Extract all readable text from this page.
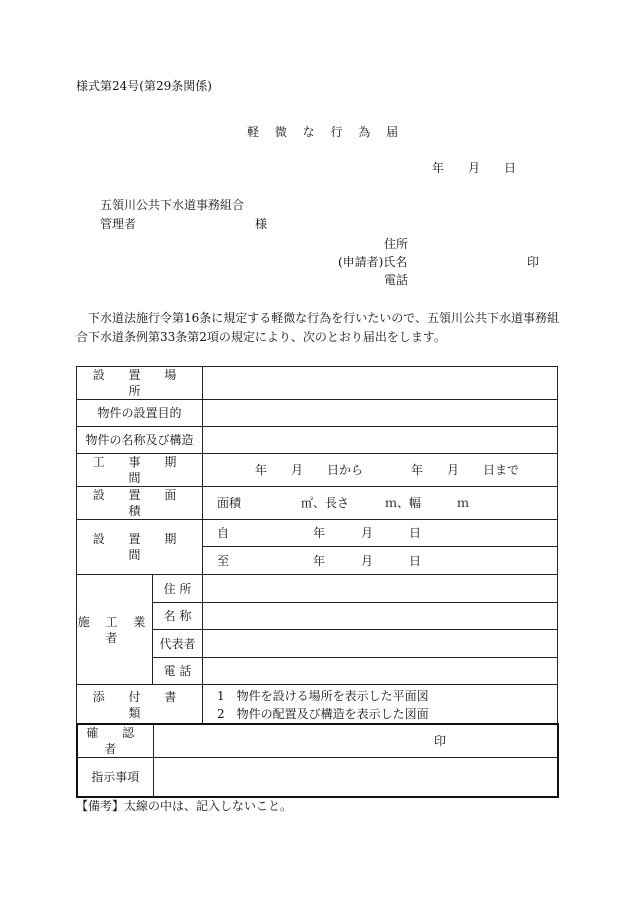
様式第24号(第29条関係)
軽 微 な 行 為 届
年　　月　　日
五領川公共下水道事務組合
管理者	様
住所
(申請者)氏名	印
電話
下水道法施行令第16条に規定する軽微な行為を行いたいので、五領川公共下水道事務組
合下水道条例第33条第2項の規定により、次のとおり届出をします。
設 置 場 所		
物件の設置目的		
物件の名称及び構造		
工 事 期 間		年　　月　　日から　　　　年　　月　　日まで
設 置 面 積		面積　　　　　㎡、長さ　　　ｍ、幅　　　ｍ
設 置 期 間		自　　　　　　　年　　　月　　　日
		至　　　　　　　年　　　月　　　日
施 工 業 者	住 所	
	名 称	
	代表者	
	電 話	
添 付 書 類		1　物件を設ける場所を表示した平面図
2　物件の配置及び構造を表示した図面
確 認 者	印
指示事項	
【備考】太線の中は、記入しないこと。
